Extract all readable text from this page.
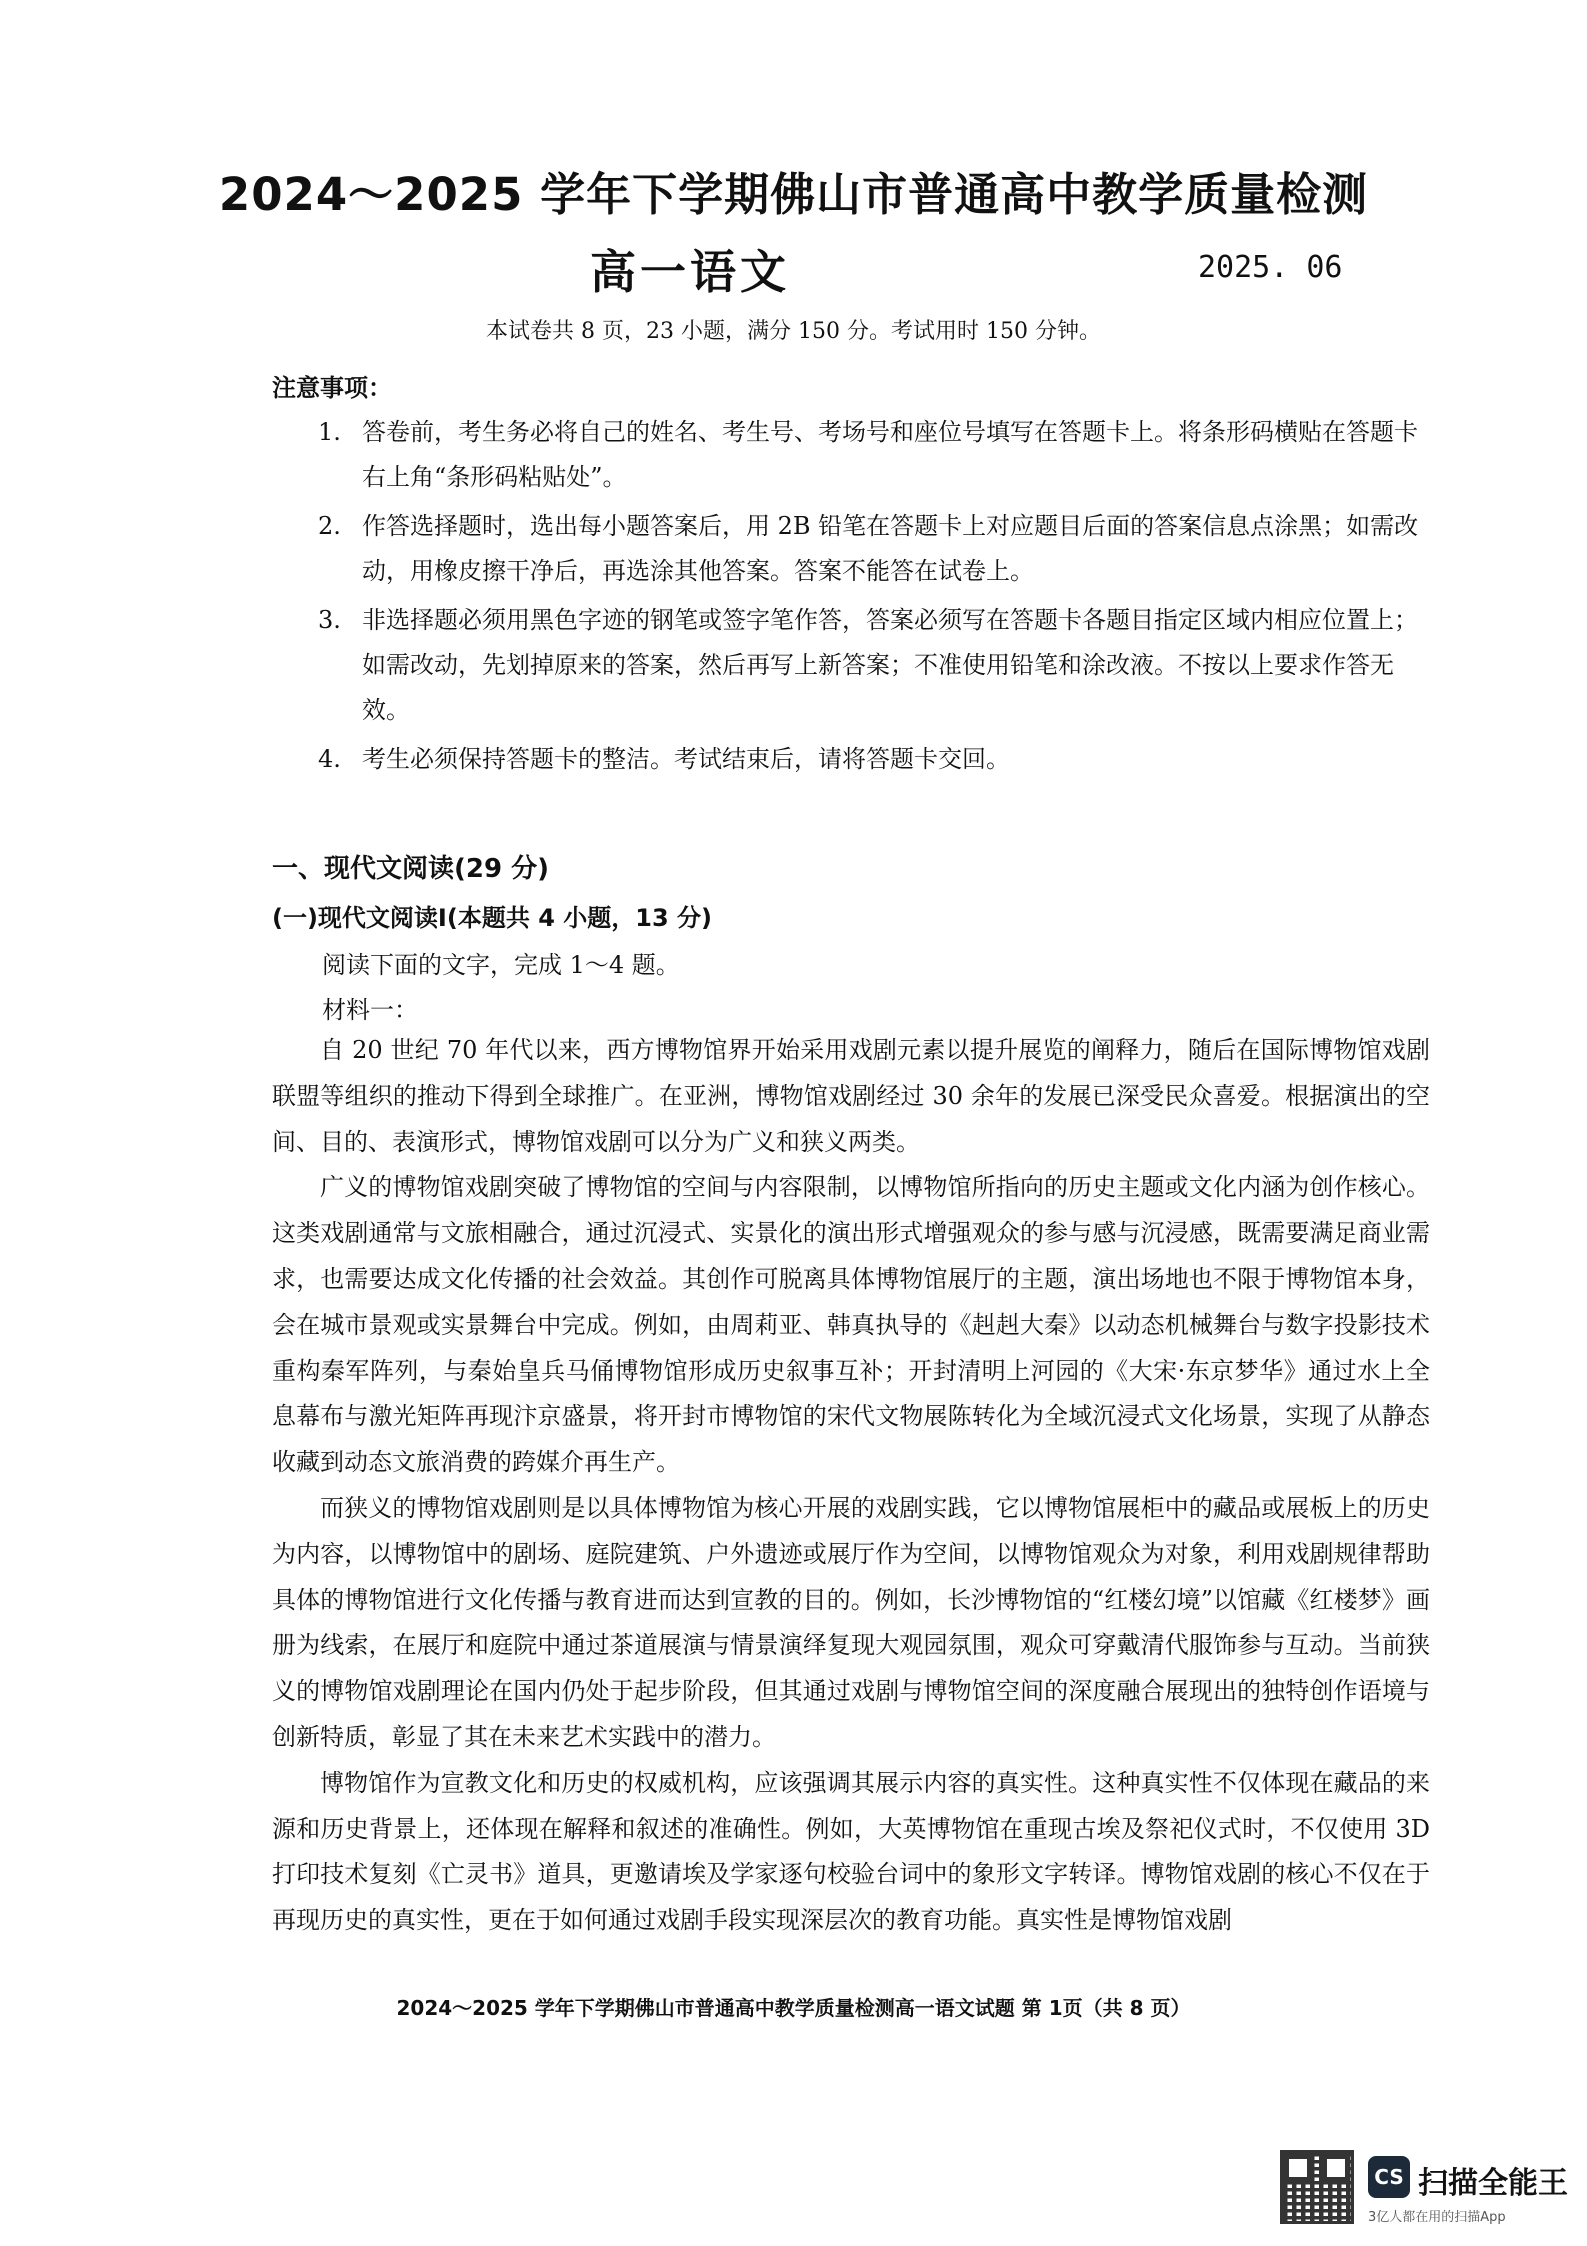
2024～2025 学年下学期佛山市普通高中教学质量检测
高一语文	2025. 06
本试卷共 8 页，23 小题，满分 150 分。考试用时 150 分钟。
注意事项：
1. 答卷前，考生务必将自己的姓名、考生号、考场号和座位号填写在答题卡上。将条形码横贴在答题卡右上角“条形码粘贴处”。
2. 作答选择题时，选出每小题答案后，用 2B 铅笔在答题卡上对应题目后面的答案信息点涂黑；如需改动，用橡皮擦干净后，再选涂其他答案。答案不能答在试卷上。
3. 非选择题必须用黑色字迹的钢笔或签字笔作答，答案必须写在答题卡各题目指定区域内相应位置上；如需改动，先划掉原来的答案，然后再写上新答案；不准使用铅笔和涂改液。不按以上要求作答无效。
4. 考生必须保持答题卡的整洁。考试结束后，请将答题卡交回。
一、现代文阅读(29 分)
(一)现代文阅读Ⅰ(本题共 4 小题，13 分)
阅读下面的文字，完成 1～4 题。
材料一：

自 20 世纪 70 年代以来，西方博物馆界开始采用戏剧元素以提升展览的阐释力，随后在国际博物馆戏剧联盟等组织的推动下得到全球推广。在亚洲，博物馆戏剧经过 30 余年的发展已深受民众喜爱。根据演出的空间、目的、表演形式，博物馆戏剧可以分为广义和狭义两类。

广义的博物馆戏剧突破了博物馆的空间与内容限制，以博物馆所指向的历史主题或文化内涵为创作核心。这类戏剧通常与文旅相融合，通过沉浸式、实景化的演出形式增强观众的参与感与沉浸感，既需要满足商业需求，也需要达成文化传播的社会效益。其创作可脱离具体博物馆展厅的主题，演出场地也不限于博物馆本身，会在城市景观或实景舞台中完成。例如，由周莉亚、韩真执导的《赳赳大秦》以动态机械舞台与数字投影技术重构秦军阵列，与秦始皇兵马俑博物馆形成历史叙事互补；开封清明上河园的《大宋·东京梦华》通过水上全息幕布与激光矩阵再现汴京盛景，将开封市博物馆的宋代文物展陈转化为全域沉浸式文化场景，实现了从静态收藏到动态文旅消费的跨媒介再生产。

而狭义的博物馆戏剧则是以具体博物馆为核心开展的戏剧实践，它以博物馆展柜中的藏品或展板上的历史为内容，以博物馆中的剧场、庭院建筑、户外遗迹或展厅作为空间，以博物馆观众为对象，利用戏剧规律帮助具体的博物馆进行文化传播与教育进而达到宣教的目的。例如，长沙博物馆的“红楼幻境”以馆藏《红楼梦》画册为线索，在展厅和庭院中通过茶道展演与情景演绎复现大观园氛围，观众可穿戴清代服饰参与互动。当前狭义的博物馆戏剧理论在国内仍处于起步阶段，但其通过戏剧与博物馆空间的深度融合展现出的独特创作语境与创新特质，彰显了其在未来艺术实践中的潜力。

博物馆作为宣教文化和历史的权威机构，应该强调其展示内容的真实性。这种真实性不仅体现在藏品的来源和历史背景上，还体现在解释和叙述的准确性。例如，大英博物馆在重现古埃及祭祀仪式时，不仅使用 3D 打印技术复刻《亡灵书》道具，更邀请埃及学家逐句校验台词中的象形文字转译。博物馆戏剧的核心不仅在于再现历史的真实性，更在于如何通过戏剧手段实现深层次的教育功能。真实性是博物馆戏剧

2024～2025 学年下学期佛山市普通高中教学质量检测高一语文试题 第 1页（共 8 页）
CS 扫描全能王
3亿人都在用的扫描App
